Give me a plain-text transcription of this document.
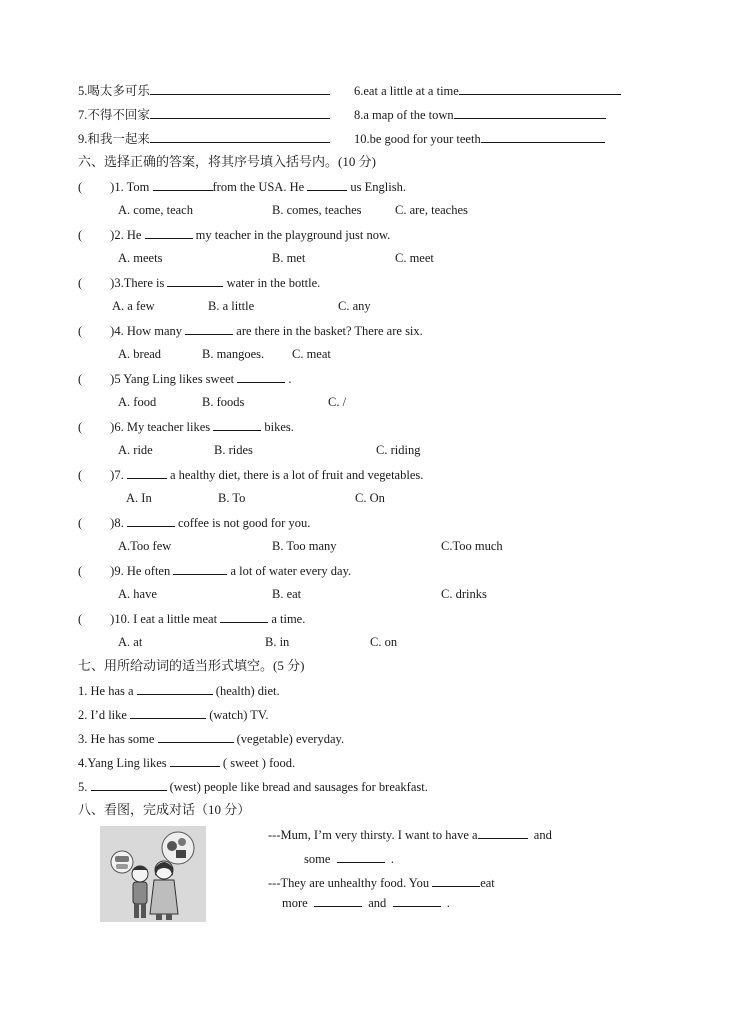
5.喝太多可乐	6.eat a little at a time
7.不得不回家	8.a map of the town
9.和我一起来	10.be good for your teeth
六、选择正确的答案，将其序号填入括号内。(10 分)
( )1. Tom	from the USA. He	us English.
A. come, teach	B. comes, teaches	C. are, teaches
( )2. He	my teacher in the playground just now.
A. meets	B. met	C. meet
( )3.There is	water in the bottle.
A. a few	B. a little	C. any
( )4. How many	are there in the basket? There are six.
A. bread	B. mangoes. C. meat
( )5 Yang Ling likes sweet	.
A. food	B. foods	C. /
( )6. My teacher likes	bikes.
A. ride	B. rides	C. riding
( )7.	a healthy diet, there is a lot of fruit and vegetables.
A. In	B. To	C. On
( )8.	coffee is not good for you.
A.Too few	B. Too many	C.Too much
( )9. He often	a lot of water every day.
A. have	B. eat	C. drinks
( )10. I eat a little meat	a time.
A. at	B. in	C. on
七、用所给动词的适当形式填空。(5 分)
1. He has a	(health) diet.
2. I’d like	(watch) TV.
3. He has some	(vegetable) everyday.
4.Yang Ling likes	( sweet ) food.
5.	(west) people like bread and sausages for breakfast.
八、看图，完成对话（10 分）
---Mum, I’m very thirsty. I want to have a	and
some	.
---They are unhealthy food. You	eat
more	and	.
